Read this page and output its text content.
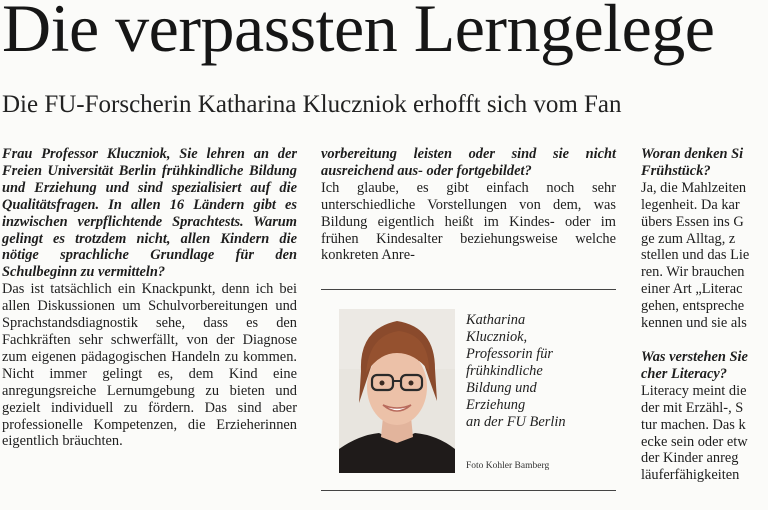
Die verpassten Lerngelege
Die FU-Forscherin Katharina Kluczniok erhofft sich vom Fan

Frau Professor Kluczniok, Sie lehren an der Freien Universität Berlin frühkindliche Bildung und Erziehung und sind spezialisiert auf die Qualitätsfragen. In allen 16 Ländern gibt es inzwischen verpflichtende Sprachtests. Warum gelingt es trotzdem nicht, allen Kindern die nötige sprachliche Grundlage für den Schulbeginn zu vermitteln?

Das ist tatsächlich ein Knackpunkt, denn ich bei allen Diskussionen um Schulvorbereitungen und Sprachstandsdiagnostik sehe, dass es den Fachkräften sehr schwerfällt, von der Diagnose zum eigenen pädagogischen Handeln zu kommen. Nicht immer gelingt es, dem Kind eine anregungsreiche Lernumgebung zu bieten und gezielt individuell zu fördern. Das sind aber professionelle Kompetenzen, die Erzieherinnen eigentlich bräuchten.

vorbereitung leisten oder sind sie nicht ausreichend aus- oder fortgebildet?

Ich glaube, es gibt einfach noch sehr unterschiedliche Vorstellungen von dem, was Bildung eigentlich heißt im Kindes- oder im frühen Kindesalter beziehungsweise welche konkreten Anre-

Katharina
Kluczniok,
Professorin für
frühkindliche
Bildung und
Erziehung
an der FU Berlin
Foto Kohler Bamberg
Woran denken Si
Frühstück?
Ja, die Mahlzeiten
legenheit. Da kar
übers Essen ins G
ge zum Alltag, z
stellen und das Lie
ren. Wir brauchen
einer Art „Literac
gehen, entspreche
kennen und sie als
Was verstehen Sie
cher Literacy?
Literacy meint die
der mit Erzähl-, S
tur machen. Das k
ecke sein oder etw
der Kinder anreg
läuferfähigkeiten
